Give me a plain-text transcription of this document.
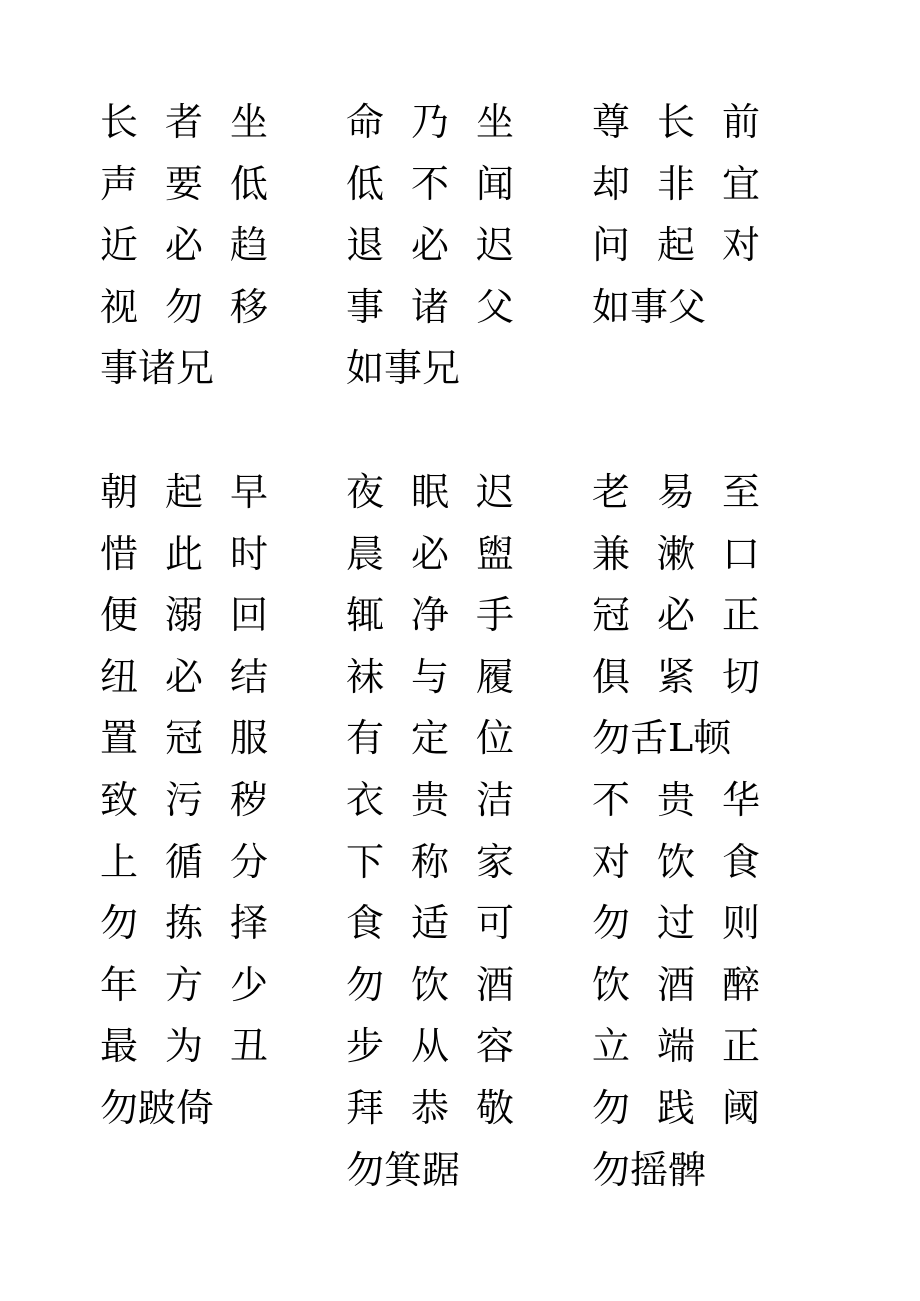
长者坐
声要低
近必趋
视勿移
事诸兄
命乃坐
低不闻
退必迟
事诸父
如事兄
尊长前
却非宜
问起对
如事父
朝起早
惜此时
便溺回
纽必结
置冠服
致污秽
上循分
勿拣择
年方少
最为丑
勿跛倚
夜眠迟
晨必盥
辄净手
袜与履
有定位
衣贵洁
下称家
食适可
勿饮酒
步从容
拜恭敬
勿箕踞
老易至
兼漱口
冠必正
俱紧切
勿舌L顿
不贵华
对饮食
勿过则
饮酒醉
立端正
勿践阈
勿摇髀
